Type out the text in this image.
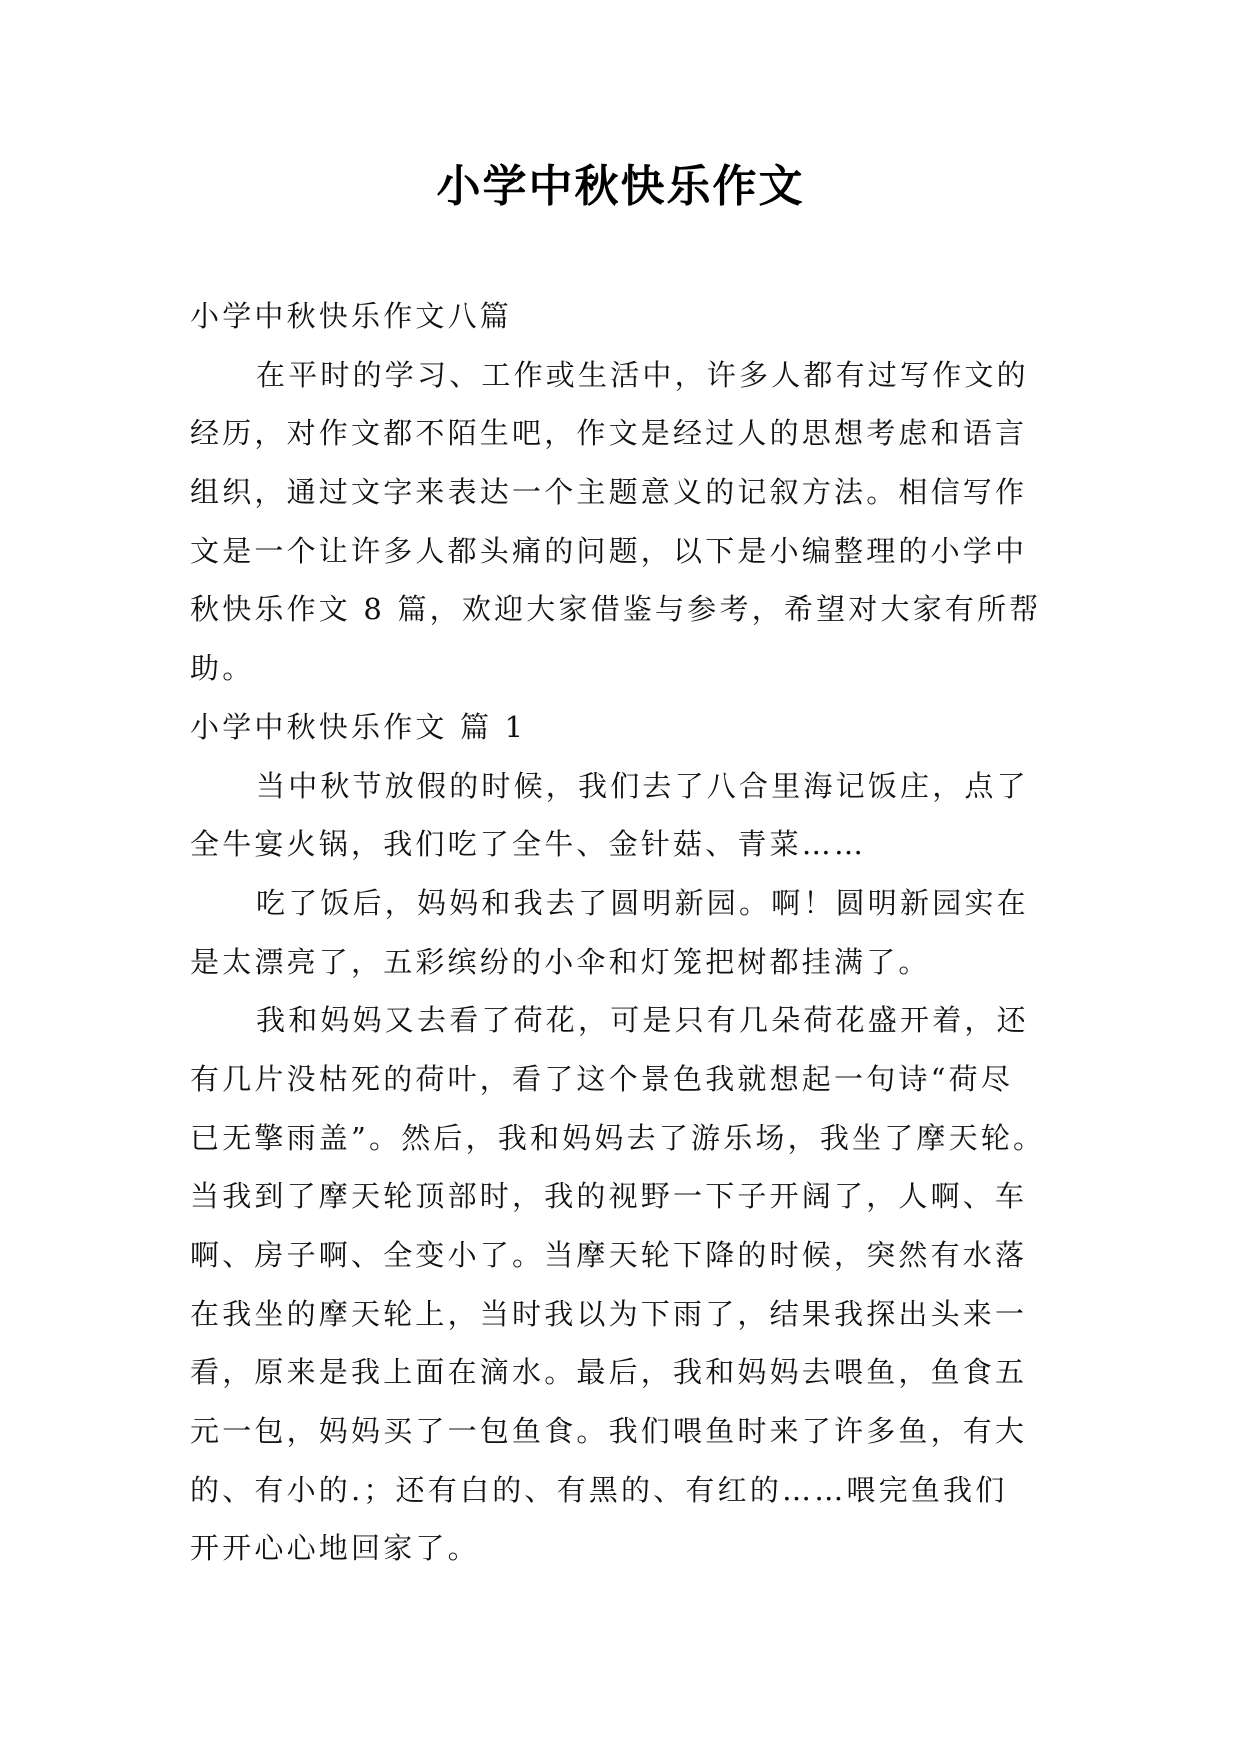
小学中秋快乐作文
小学中秋快乐作文八篇
在平时的学习、工作或生活中，许多人都有过写作文的
经历，对作文都不陌生吧，作文是经过人的思想考虑和语言
组织，通过文字来表达一个主题意义的记叙方法。相信写作
文是一个让许多人都头痛的问题，以下是小编整理的小学中
秋快乐作文 8 篇，欢迎大家借鉴与参考，希望对大家有所帮
助。
小学中秋快乐作文 篇 1
当中秋节放假的时候，我们去了八合里海记饭庄，点了
全牛宴火锅，我们吃了全牛、金针菇、青菜……
吃了饭后，妈妈和我去了圆明新园。啊！圆明新园实在
是太漂亮了，五彩缤纷的小伞和灯笼把树都挂满了。
我和妈妈又去看了荷花，可是只有几朵荷花盛开着，还
有几片没枯死的荷叶，看了这个景色我就想起一句诗“荷尽
已无擎雨盖”。然后，我和妈妈去了游乐场，我坐了摩天轮。
当我到了摩天轮顶部时，我的视野一下子开阔了，人啊、车
啊、房子啊、全变小了。当摩天轮下降的时候，突然有水落
在我坐的摩天轮上，当时我以为下雨了，结果我探出头来一
看，原来是我上面在滴水。最后，我和妈妈去喂鱼，鱼食五
元一包，妈妈买了一包鱼食。我们喂鱼时来了许多鱼，有大
的、有小的.；还有白的、有黑的、有红的……喂完鱼我们
开开心心地回家了。
